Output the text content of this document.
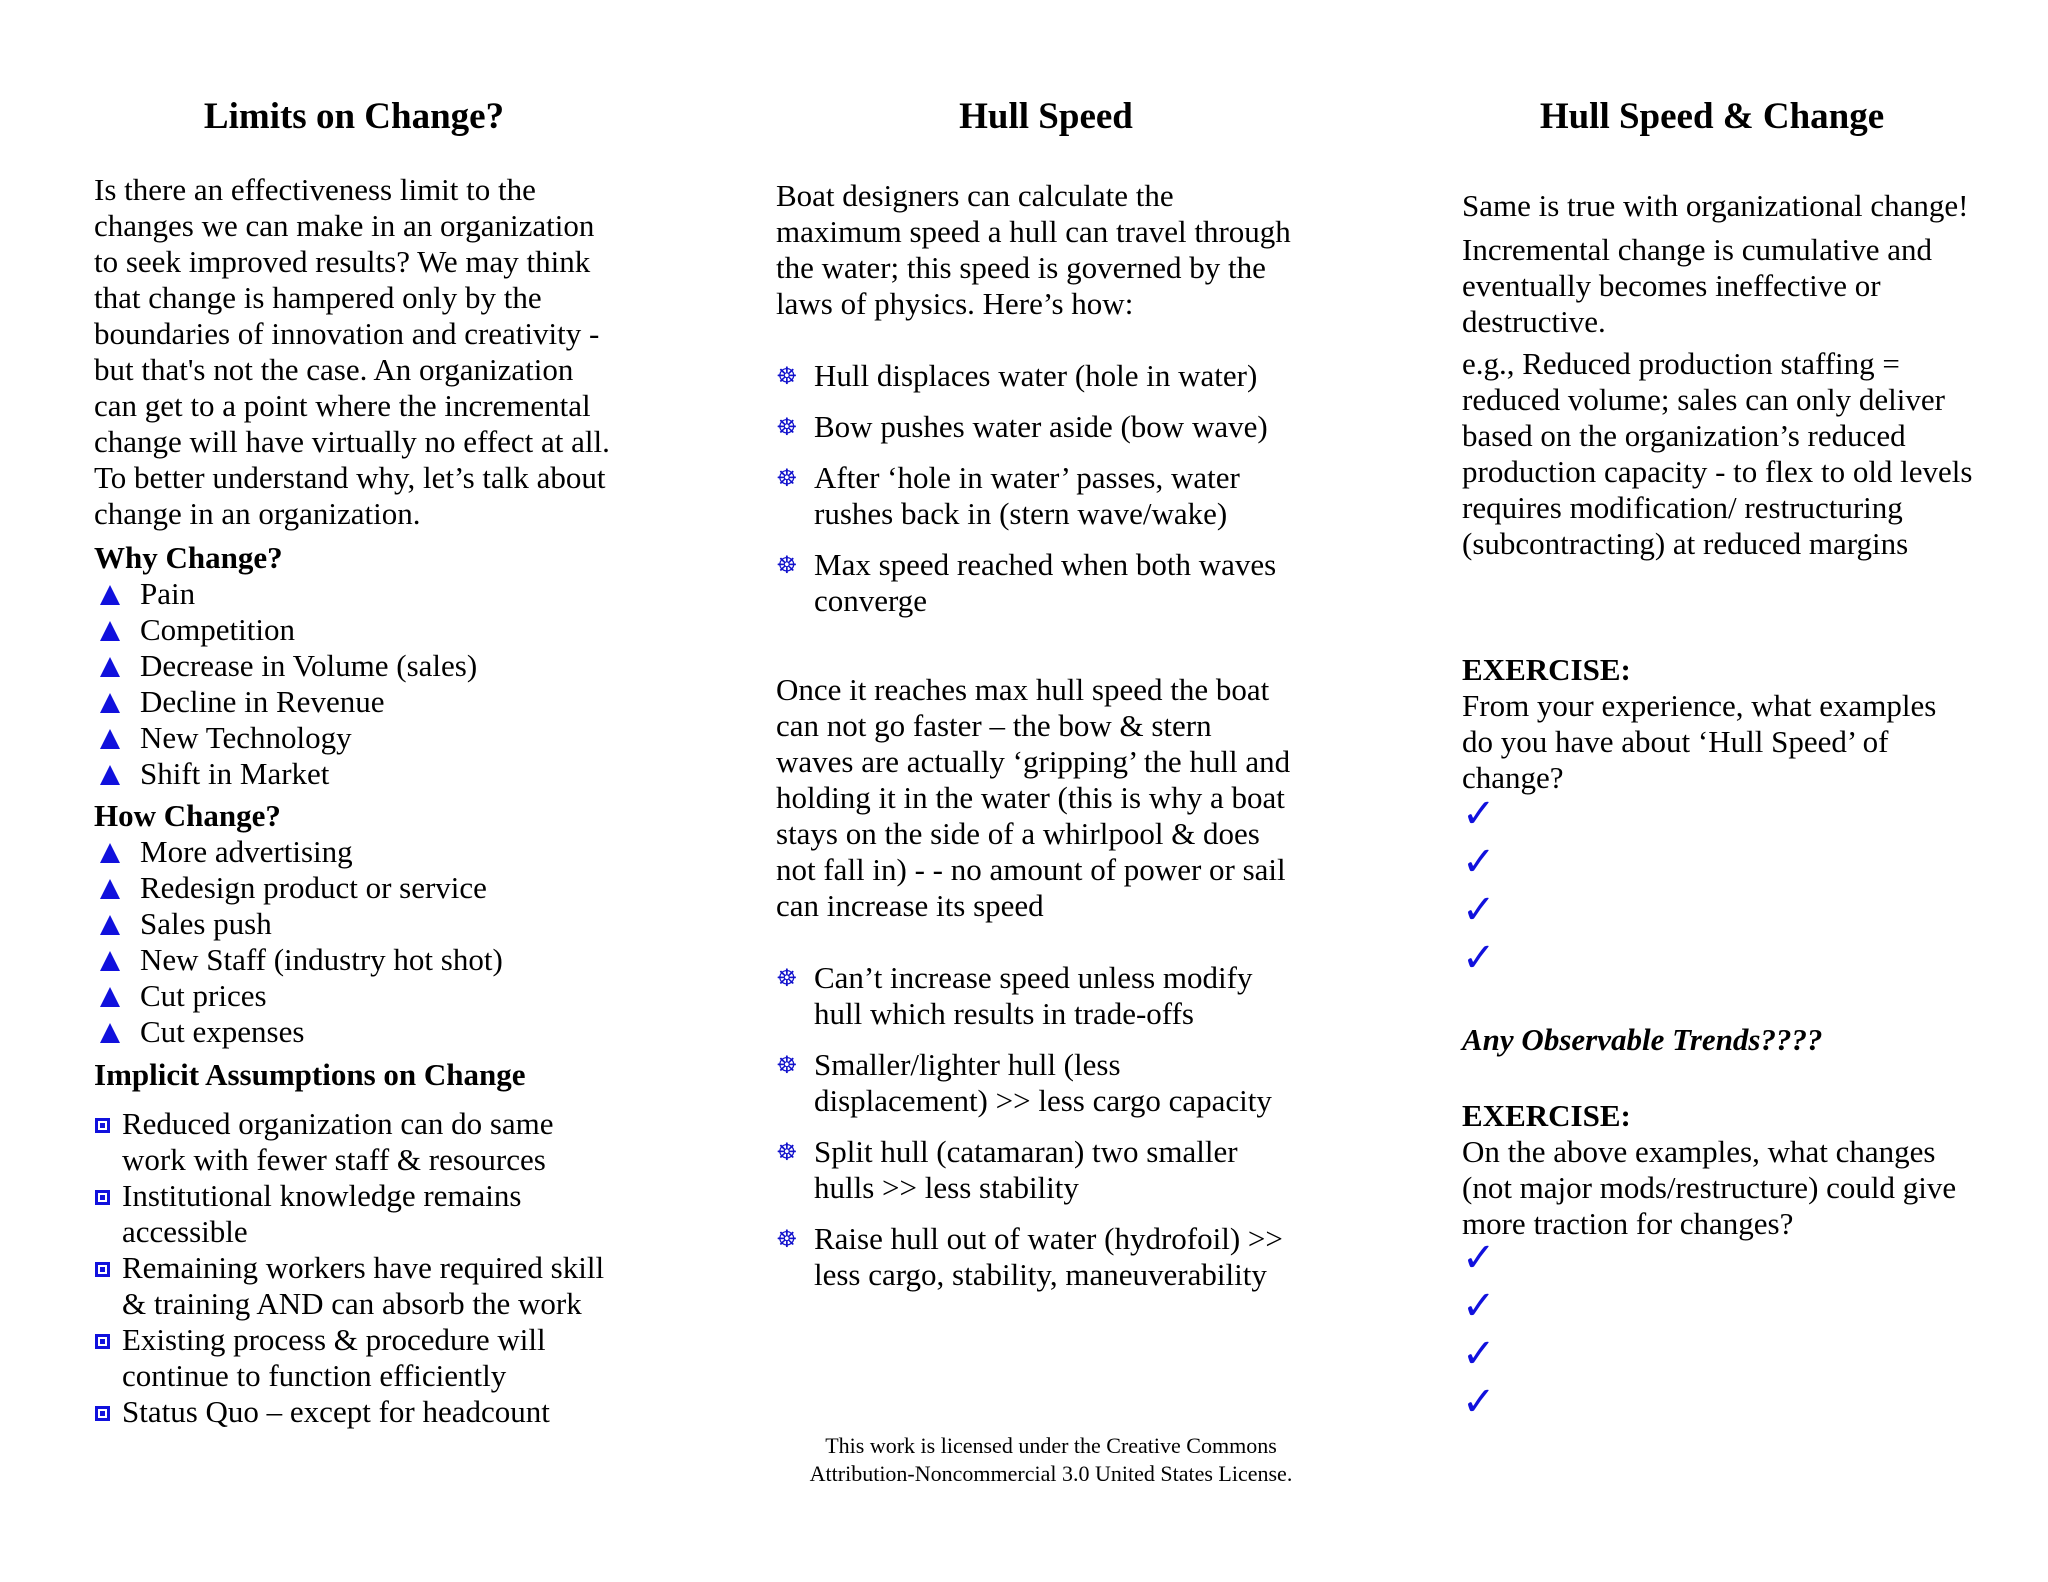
Limits on Change?

Is there an effectiveness limit to the changes we can make in an organization to seek improved results? We may think that change is hampered only by the boundaries of innovation and creativity - but that's not the case. An organization can get to a point where the incremental change will have virtually no effect at all. To better understand why, let’s talk about change in an organization.

Why Change?
Pain
Competition
Decrease in Volume (sales)
Decline in Revenue
New Technology
Shift in Market
How Change?
More advertising
Redesign product or service
Sales push
New Staff (industry hot shot)
Cut prices
Cut expenses
Implicit Assumptions on Change
Reduced organization can do same work with fewer staff & resources
Institutional knowledge remains accessible
Remaining workers have required skill & training AND can absorb the work
Existing process & procedure will continue to function efficiently
Status Quo – except for headcount
Hull Speed

Boat designers can calculate the maximum speed a hull can travel through the water; this speed is governed by the laws of physics. Here’s how:

☸ Hull displaces water (hole in water)
☸ Bow pushes water aside (bow wave)
☸ After ‘hole in water’ passes, water rushes back in (stern wave/wake)
☸ Max speed reached when both waves converge

Once it reaches max hull speed the boat can not go faster – the bow & stern waves are actually ‘gripping’ the hull and holding it in the water (this is why a boat stays on the side of a whirlpool & does not fall in) - - no amount of power or sail can increase its speed

☸ Can’t increase speed unless modify hull which results in trade-offs
☸ Smaller/lighter hull (less displacement) >> less cargo capacity
☸ Split hull (catamaran) two smaller hulls >> less stability
☸ Raise hull out of water (hydrofoil) >> less cargo, stability, maneuverability
This work is licensed under the Creative Commons
Attribution-Noncommercial 3.0 United States License.
Hull Speed & Change

Same is true with organizational change!

Incremental change is cumulative and eventually becomes ineffective or destructive.

e.g., Reduced production staffing = reduced volume; sales can only deliver based on the organization’s reduced production capacity - to flex to old levels requires modification/ restructuring (subcontracting) at reduced margins

EXERCISE:

From your experience, what examples do you have about ‘Hull Speed’ of change?

✓
✓
✓
✓
Any Observable Trends????
EXERCISE:

On the above examples, what changes (not major mods/restructure) could give more traction for changes?

✓
✓
✓
✓
